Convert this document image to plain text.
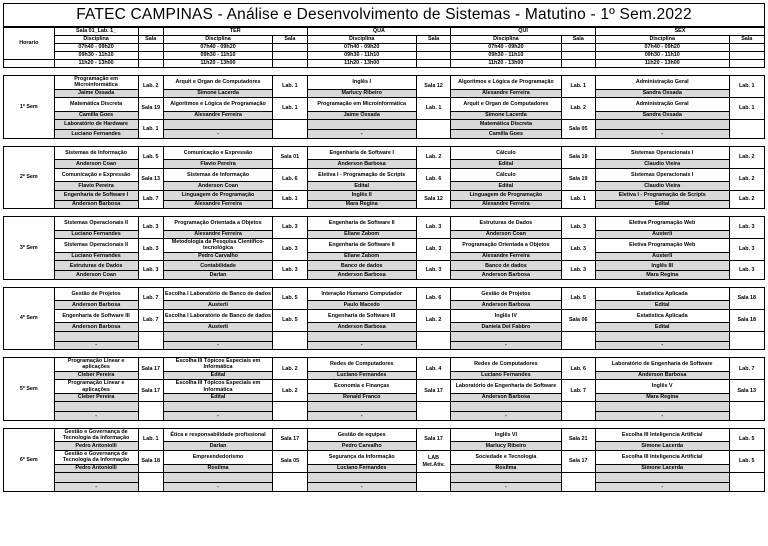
FATEC CAMPINAS - Análise e Desenvolvimento de Sistemas - Matutino - 1º Sem.2022
Horario	Sala 01_Lab. 1_		TER		QUA		QUI		SEX	
	Disciplina	Sala	Disciplina	Sala	Disciplina	Sala	Disciplina	Sala	Disciplina	Sala
	07h40 - 09h20		07h40 - 09h20		07h40 - 09h20		07h40 - 09h20		07h40 - 09h20	
	09h30 - 11h10		09h30 - 11h10		09h30 - 11h10		09h30 - 11h10		09h30 - 11h10	
	11h20 - 13h00		11h20 - 13h00		11h20 - 13h00		11h20 - 13h00		11h20 - 13h00	

1º Sem	Programação em Microinformática	Lab. 2	Arquit e Organ de Computadores	Lab. 1	Inglês I	Sala 12	Algoritmos e Lógica de Programação	Lab. 1	Administração Geral	Lab. 1
	Jaime Ossada		Simone Lacerda		Marlucy Ribeiro		Alexandre Ferreira		Sandra Ossada	
	Matemática Discreta	Sala 19	Algoritmos e Lógica de Programação	Lab. 1	Programação em Microinformática	Lab. 1	Arquit e Organ de Computadores	Lab. 2	Administração Geral	Lab. 1
	Camilla Goes		Alexandre Ferreira		Jaime Ossada		Simone Lacerda		Sandra Ossada	
	Laboratório de Hardware	Lab. 1					Matemática Discreta	Sala 05		
	Luciano Fernandes		-		-		Camilla Goes		-	

2º Sem	Sistemas de Informação	Lab. 5	Comunicação e Expressão	Sala 01	Engenharia de Software I	Lab. 2	Cálculo	Sala 19	Sistemas Operacionais I	Lab. 2
	Anderson Coan		Flavio Pereira		Anderson Barbosa		Edital		Claudio Vieira	
	Comunicação e Expressão	Sala 13	Sistemas de Informação	Lab. 6	Eletiva I - Programação de Scripts	Lab. 6	Cálculo	Sala 19	Sistemas Operacionais I	Lab. 2
	Flavio Pereira		Anderson Coan		Edital		Edital		Claudio Vieira	
	Engenharia de Software I	Lab. 7	Linguagem de Programação	Lab. 1	Inglês II	Sala 12	Linguagem de Programação	Lab. 1	Eletiva I - Programação de Scripts	Lab. 2
	Anderson Barbosa		Alexandre Ferreira		Mara Regina		Alexandre Ferreira		Edital	

3º Sem	Sistemas Operacionais II	Lab. 3	Programação Orientada a Objetos	Lab. 3	Engenharia de Software II	Lab. 3	Estruturas de Dados	Lab. 3	Eletiva Programação Web	Lab. 3
	Luciano Fernandes		Alexandre Ferreira		Eliane Zabom		Anderson Coan		Austerli	
	Sistemas Operacionais II	Lab. 3	Metodologia da Pesquisa Científico-tecnológica	Lab. 3	Engenharia de Software II	Lab. 3	Programação Orientada a Objetos	Lab. 3	Eletiva Programação Web	Lab. 3
	Luciano Fernandes		Pedro Carvalho		Eliane Zabom		Alexandre Ferreira		Austerli	
	Estruturas de Dados	Lab. 3	Contabilidade	Lab. 3	Banco de dados	Lab. 3	Banco de dados	Lab. 3	Inglês III	Lab. 3
	Anderson Coan		Darlan		Anderson Barbosa		Anderson Barbosa		Mara Regina	

4º Sem	Gestão de Projetos	Lab. 7	Escolha I Laboratório de Banco de dados	Lab. 5	Interação Humano Computador	Lab. 6	Gestão de Projetos	Lab. 5	Estatística Aplicada	Sala 18
	Anderson Barbosa		Austerli		Paulo Macedo		Anderson Barbosa		Edital	
	Engenharia de Software III	Lab. 7	Escolha I Laboratório de Banco de dados	Lab. 5	Engenharia de Software III	Lab. 2	Inglês IV	Sala 06	Estatística Aplicada	Sala 18
	Anderson Barbosa		Austerli		Anderson Barbosa		Daniela Del Fabbro		Edital	

	-		-		-		-		-	

5º Sem	Programação Linear e aplicações	Sala 17	Escolha III Tópicos Especiais em Informática	Lab. 2	Redes de Computadores	Lab. 4	Redes de Computadores	Lab. 6	Laboratório de Engenharia de Software	Lab. 7
	Cleber Pereira		Edital		Luciano Fernandes		Luciano Fernandes		Anderson Barbosa	
	Programação Linear e aplicações	Sala 17	Escolha III Tópicos Especiais em Informática	Lab. 2	Economia e Finanças	Sala 17	Laboratório de Engenharia de Software	Lab. 7	Inglês V	Sala 13
	Cleber Pereira		Edital		Renald Franco		Anderson Barbosa		Mara Regina	

	-		-		-		-		-	

6º Sem	Gestão e Governança de Tecnologia da Informação	Lab. 1	Ética e responsabilidade profissional	Sala 17	Gestão de equipes	Sala 17	Inglês VI	Sala 21	Escolha III Inteligencia Artificial	Lab. 5
	Pedro Antoniolli		Darlan		Pedro Carvalho		Marlucy Ribeiro		Simone Lacerda	
	Gestão e Governança de Tecnologia da Informação	Sala 18	Empreendedorismo	Sala 05	Segurança da Informação	LAB Met.Ativ.	Sociedade e Tecnologia	Sala 17	Escolha III Inteligencia Artificial	Lab. 5
	Pedro Antoniolli		Rosilma		Luciano Fernandes		Rosilma		Simone Lacerda	

	-		-		-		-		-	
